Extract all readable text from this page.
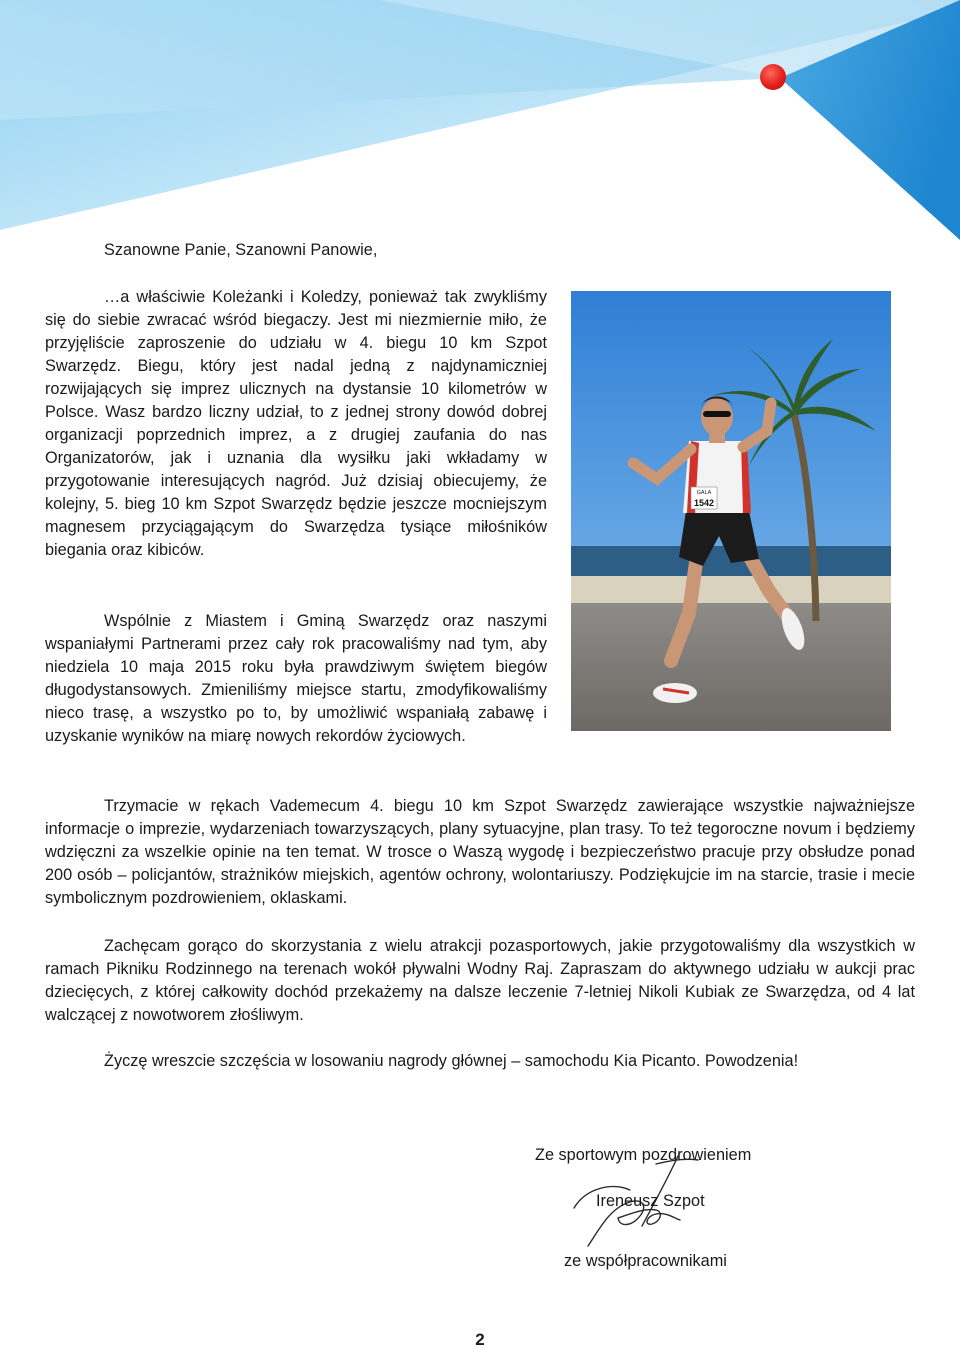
Szanowne Panie, Szanowni Panowie,
…a właściwie Koleżanki i Koledzy, ponieważ tak zwykliśmy się do siebie zwracać wśród biegaczy. Jest mi niezmiernie miło, że przyjęliście zaproszenie do udziału w 4. biegu 10 km Szpot Swarzędz. Biegu, który jest nadal jedną z najdynamiczniej rozwijających się imprez ulicznych na dystansie 10 kilometrów w Polsce. Wasz bardzo liczny udział, to z jednej strony dowód dobrej organizacji poprzednich imprez, a z drugiej zaufania do nas Organizatorów, jak i uznania dla wysiłku jaki wkładamy w przygotowanie interesujących nagród. Już dzisiaj obiecujemy, że kolejny, 5. bieg 10 km Szpot Swarzędz będzie jeszcze mocniejszym magnesem przyciągającym do Swarzędza tysiące miłośników biegania oraz kibiców.
GALA
1542
Wspólnie z Miastem i Gminą Swarzędz oraz naszymi wspaniałymi Partnerami przez cały rok pracowaliśmy nad tym, aby niedziela 10 maja 2015 roku była prawdziwym świętem biegów długodystansowych. Zmieniliśmy miejsce startu, zmodyfikowaliśmy nieco trasę, a wszystko po to, by umożliwić wspaniałą zabawę i uzyskanie wyników na miarę nowych rekordów życiowych.
Trzymacie w rękach Vademecum 4. biegu 10 km Szpot Swarzędz zawierające wszystkie najważniejsze informacje o imprezie, wydarzeniach towarzyszących, plany sytuacyjne, plan trasy. To też tegoroczne novum i będziemy wdzięczni za wszelkie opinie na ten temat. W trosce o Waszą wygodę i bezpieczeństwo pracuje przy obsłudze ponad 200 osób – policjantów, strażników miejskich, agentów ochrony, wolontariuszy. Podziękujcie im na starcie, trasie i mecie symbolicznym pozdrowieniem, oklaskami.
Zachęcam gorąco do skorzystania z wielu atrakcji pozasportowych, jakie przygotowaliśmy dla wszystkich w ramach Pikniku Rodzinnego na terenach wokół pływalni Wodny Raj. Zapraszam do aktywnego udziału w aukcji prac dziecięcych, z której całkowity dochód przekażemy na dalsze leczenie 7-letniej Nikoli Kubiak ze Swarzędza, od 4 lat walczącej z nowotworem złośliwym.
Życzę wreszcie szczęścia w losowaniu nagrody głównej – samochodu Kia Picanto. Powodzenia!
Ze sportowym pozdrowieniem
Ireneusz Szpot
ze współpracownikami
2
